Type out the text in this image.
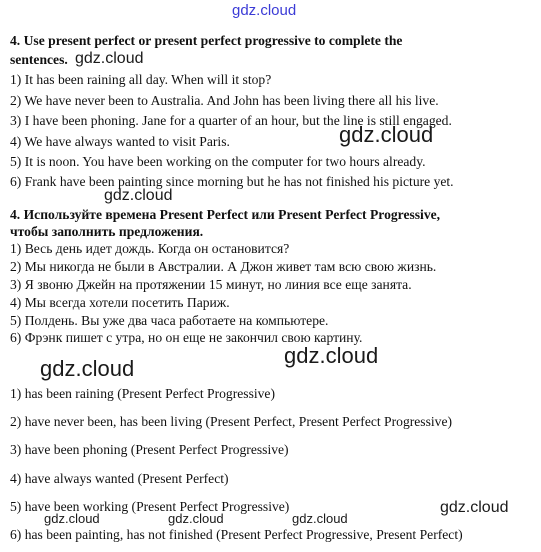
gdz.cloud
4. Use present perfect or present perfect progressive to complete the
sentences. gdz.cloud
1) It has been raining all day. When will it stop?
2) We have never been to Australia. And John has been living there all his live.
3) I have been phoning. Jane for a quarter of an hour, but the line is still engaged.
4) We have always wanted to visit Paris.	gdz.cloud
5) It is noon. You have been working on the computer for two hours already.
6) Frank have been painting since morning but he has not finished his picture yet.
gdz.cloud
4. Используйте времена Present Perfect или Present Perfect Progressive,
чтобы заполнить предложения.
1) Весь день идет дождь. Когда он остановится?
2) Мы никогда не были в Австралии. А Джон живет там всю свою жизнь.
3) Я звоню Джейн на протяжении 15 минут, но линия все еще занята.
4) Мы всегда хотели посетить Париж.
5) Полдень. Вы уже два часа работаете на компьютере.
6) Фрэнк пишет с утра, но он еще не закончил свою картину.
gdz.cloud
gdz.cloud
1) has been raining (Present Perfect Progressive)
2) have never been, has been living (Present Perfect, Present Perfect Progressive)
3) have been phoning (Present Perfect Progressive)
4) have always wanted (Present Perfect)
5) have been working (Present Perfect Progressive)	gdz.cloud
gdz.cloud	gdz.cloud	gdz.cloud
6) has been painting, has not finished (Present Perfect Progressive, Present Perfect)
